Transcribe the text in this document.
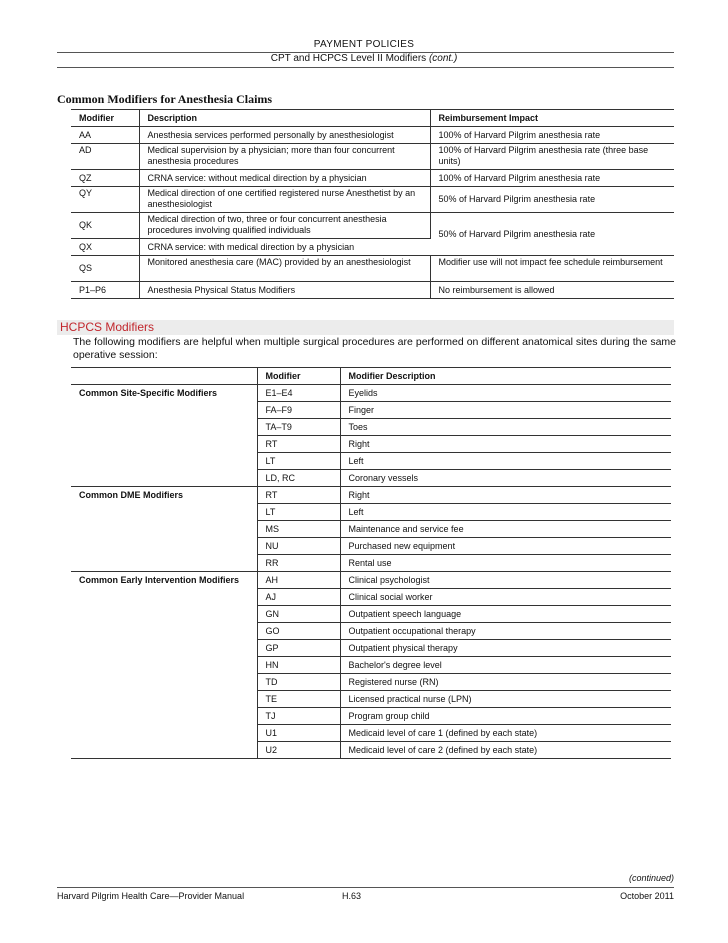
PAYMENT POLICIES
CPT and HCPCS Level II Modifiers (cont.)
Common Modifiers for Anesthesia Claims
Modifier	Description	Reimbursement Impact
AA	Anesthesia services performed personally by anesthesiologist	100% of Harvard Pilgrim anesthesia rate
AD	Medical supervision by a physician; more than four concurrent anesthesia procedures	100% of Harvard Pilgrim anesthesia rate (three base units)
QZ	CRNA service: without medical direction by a physician	100% of Harvard Pilgrim anesthesia rate
QY	Medical direction of one certified registered nurse Anesthetist by an anesthesiologist	50% of Harvard Pilgrim anesthesia rate
QK	Medical direction of two, three or four concurrent anesthesia procedures involving qualified individuals	50% of Harvard Pilgrim anesthesia rate
QX	CRNA service: with medical direction by a physician	
QS	Monitored anesthesia care (MAC) provided by an anesthesiologist	Modifier use will not impact fee schedule reimbursement
P1–P6	Anesthesia Physical Status Modifiers	No reimbursement is allowed
HCPCS Modifiers
The following modifiers are helpful when multiple surgical procedures are performed on different anatomical sites during the same operative session:
	Modifier	Modifier Description
Common Site-Specific Modifiers	E1–E4	Eyelids
	FA–F9	Finger
	TA–T9	Toes
	RT	Right
	LT	Left
	LD, RC	Coronary vessels
Common DME Modifiers	RT	Right
	LT	Left
	MS	Maintenance and service fee
	NU	Purchased new equipment
	RR	Rental use
Common Early Intervention Modifiers	AH	Clinical psychologist
	AJ	Clinical social worker
	GN	Outpatient speech language
	GO	Outpatient occupational therapy
	GP	Outpatient physical therapy
	HN	Bachelor's degree level
	TD	Registered nurse (RN)
	TE	Licensed practical nurse (LPN)
	TJ	Program group child
	U1	Medicaid level of care 1 (defined by each state)
	U2	Medicaid level of care 2 (defined by each state)
(continued)
Harvard Pilgrim Health Care—Provider Manual	H.63	October 2011
